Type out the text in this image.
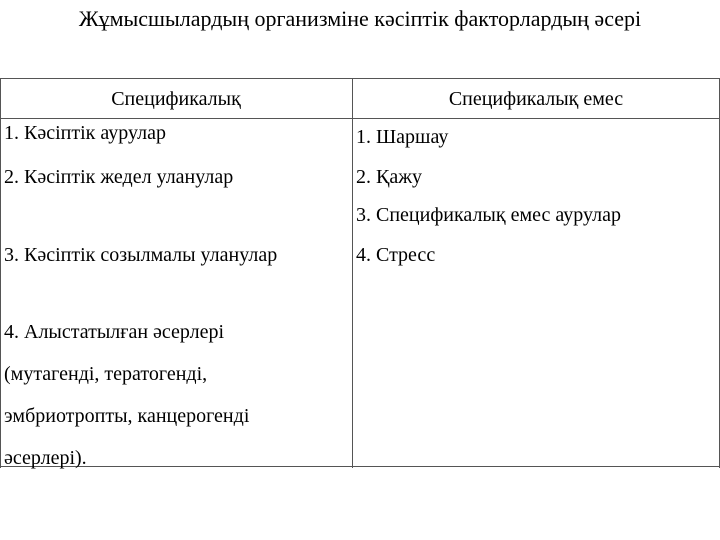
Жұмысшылардың организміне кәсіптік факторлардың әсері
Спецификалық	Спецификалық емес
1. Кәсіптік аурулар
2. Кәсіптік жедел уланулар
3. Кәсіптік созылмалы уланулар
4. Алыстатылған әсерлері
(мутагенді, тератогенді,
эмбриотропты, канцерогенді
әсерлері).
1. Шаршау
2. Қажу
3. Спецификалық емес аурулар
4. Стресс
